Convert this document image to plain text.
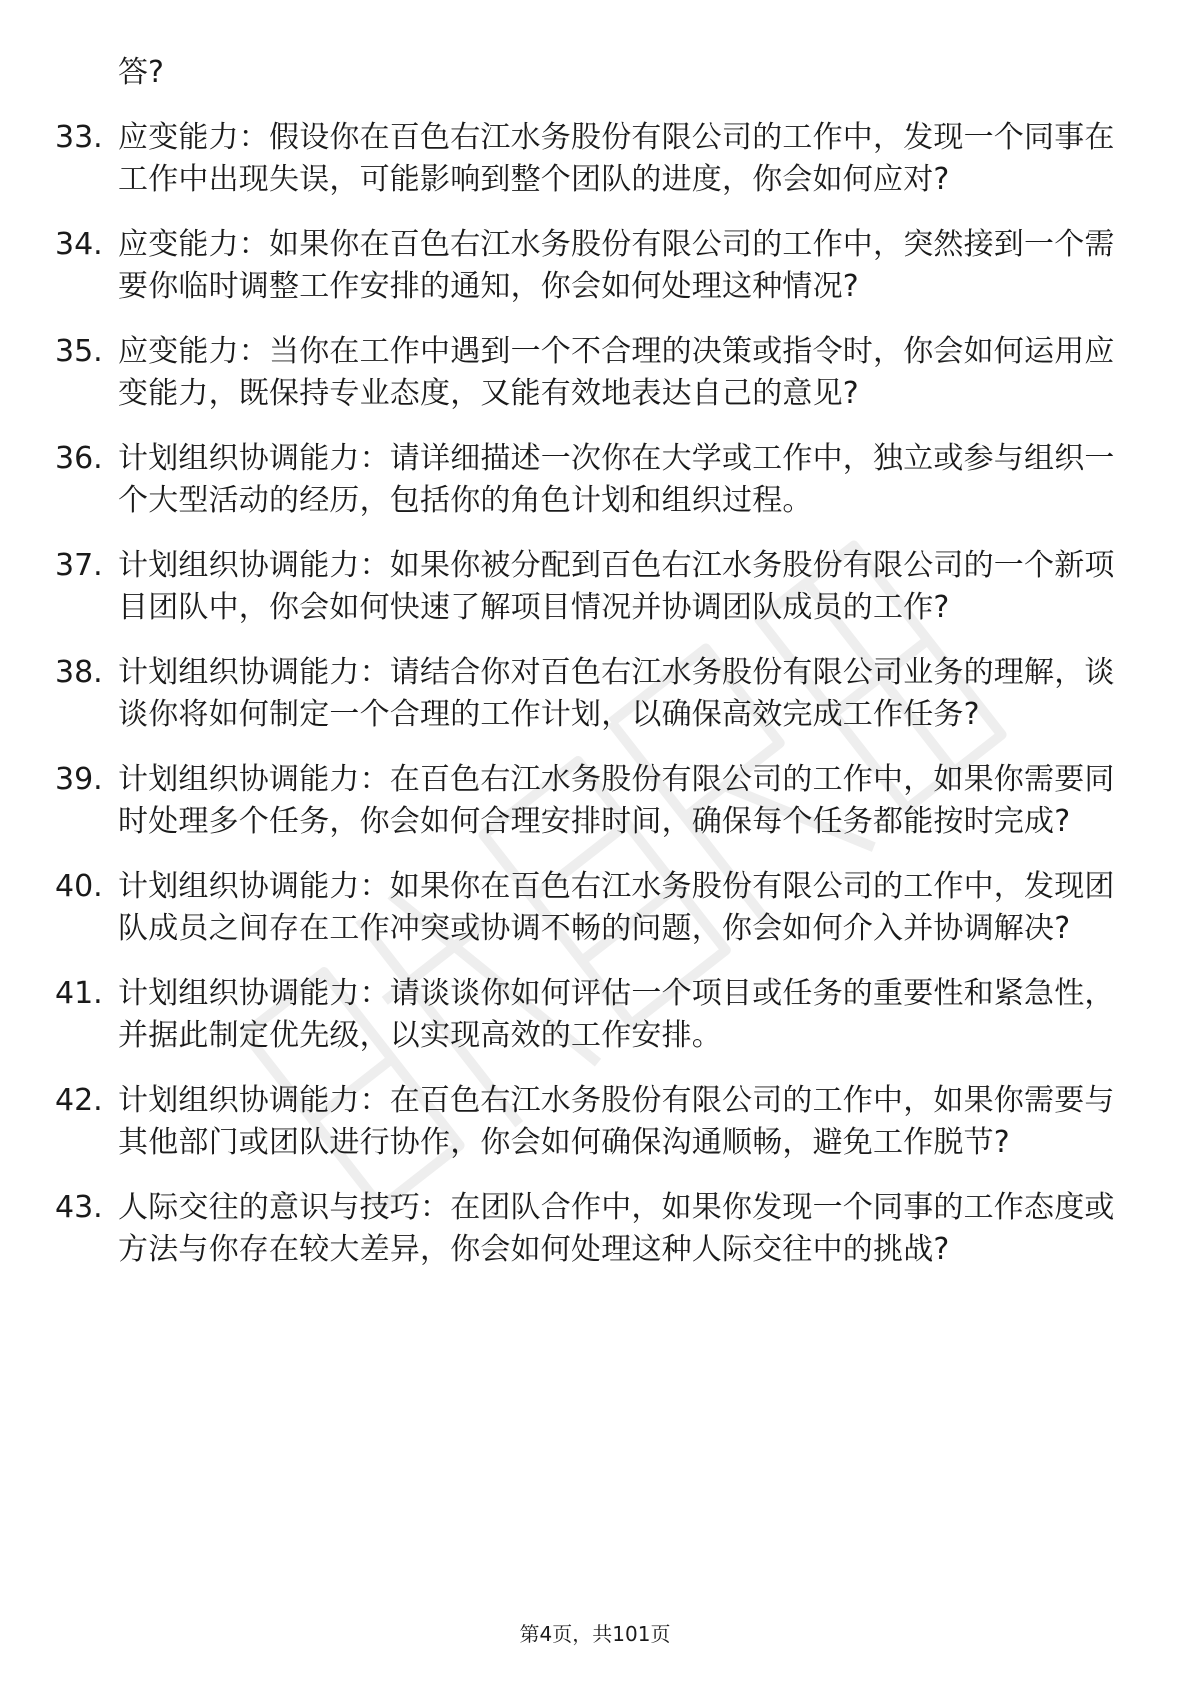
答?
33. 应变能力：假设你在百色右江水务股份有限公司的工作中，发现一个同事在工作中出现失误，可能影响到整个团队的进度，你会如何应对?
34. 应变能力：如果你在百色右江水务股份有限公司的工作中，突然接到一个需要你临时调整工作安排的通知，你会如何处理这种情况?
35. 应变能力：当你在工作中遇到一个不合理的决策或指令时，你会如何运用应变能力，既保持专业态度，又能有效地表达自己的意见?
36. 计划组织协调能力：请详细描述一次你在大学或工作中，独立或参与组织一个大型活动的经历，包括你的角色计划和组织过程。
37. 计划组织协调能力：如果你被分配到百色右江水务股份有限公司的一个新项目团队中，你会如何快速了解项目情况并协调团队成员的工作?
38. 计划组织协调能力：请结合你对百色右江水务股份有限公司业务的理解，谈谈你将如何制定一个合理的工作计划，以确保高效完成工作任务?
39. 计划组织协调能力：在百色右江水务股份有限公司的工作中，如果你需要同时处理多个任务，你会如何合理安排时间，确保每个任务都能按时完成?
40. 计划组织协调能力：如果你在百色右江水务股份有限公司的工作中，发现团队成员之间存在工作冲突或协调不畅的问题，你会如何介入并协调解决?
41. 计划组织协调能力：请谈谈你如何评估一个项目或任务的重要性和紧急性，并据此制定优先级，以实现高效的工作安排。
42. 计划组织协调能力：在百色右江水务股份有限公司的工作中，如果你需要与其他部门或团队进行协作，你会如何确保沟通顺畅，避免工作脱节?
43. 人际交往的意识与技巧：在团队合作中，如果你发现一个同事的工作态度或方法与你存在较大差异，你会如何处理这种人际交往中的挑战?
第4页，共101页
